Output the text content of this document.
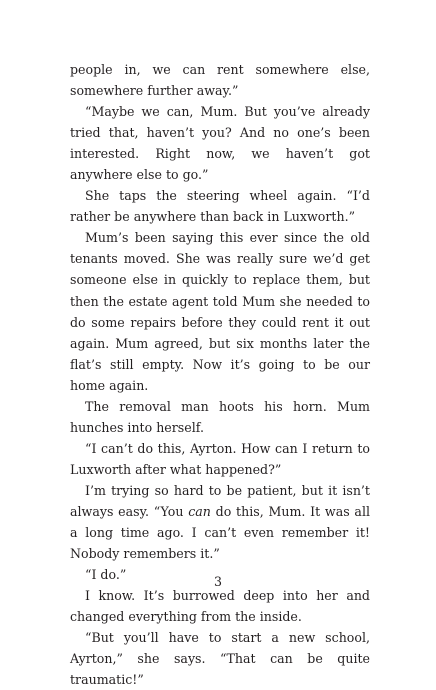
people in, we can rent somewhere else, somewhere further away.”

“Maybe we can, Mum. But you’ve already tried that, haven’t you? And no one’s been interested. Right now, we haven’t got anywhere else to go.”

She taps the steering wheel again. “I’d rather be anywhere than back in Luxworth.”

Mum’s been saying this ever since the old tenants moved. She was really sure we’d get someone else in quickly to replace them, but then the estate agent told Mum she needed to do some repairs before they could rent it out again. Mum agreed, but six months later the flat’s still empty. Now it’s going to be our home again.

The removal man hoots his horn. Mum hunches into herself.

“I can’t do this, Ayrton. How can I return to Luxworth after what happened?”

I’m trying so hard to be patient, but it isn’t always easy. “You can do this, Mum. It was all a long time ago. I can’t even remember it! Nobody remembers it.”

“I do.”

I know. It’s burrowed deep into her and changed everything from the inside.

“But you’ll have to start a new school, Ayrton,” she says. “That can be quite traumatic!”

3
